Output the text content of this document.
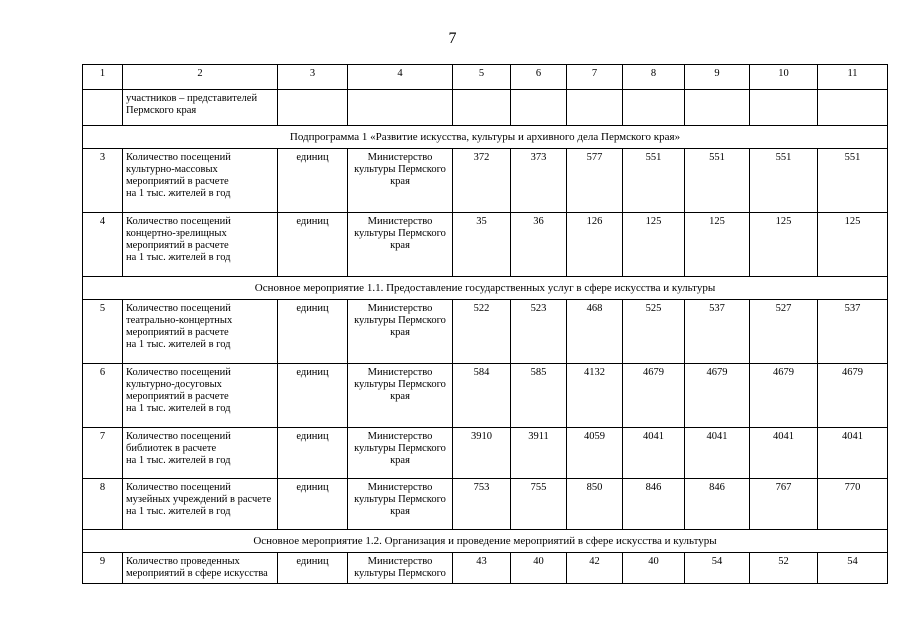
7
1	2	3	4	5	6	7	8	9	10	11
	участников – представителей
Пермского края									
Подпрограмма 1 «Развитие искусства, культуры и архивного дела Пермского края»										
3	Количество посещений
культурно-массовых
мероприятий в расчете
на 1 тыс. жителей в год	единиц	Министерство
культуры Пермского
края	372	373	577	551	551	551	551
4	Количество посещений
концертно-зрелищных
мероприятий в расчете
на 1 тыс. жителей в год	единиц	Министерство
культуры Пермского
края	35	36	126	125	125	125	125
Основное мероприятие 1.1. Предоставление государственных услуг в сфере искусства и культуры										
5	Количество посещений
театрально-концертных
мероприятий в расчете
на 1 тыс. жителей в год	единиц	Министерство
культуры Пермского
края	522	523	468	525	537	527	537
6	Количество посещений
культурно-досуговых
мероприятий в расчете
на 1 тыс. жителей в год	единиц	Министерство
культуры Пермского
края	584	585	4132	4679	4679	4679	4679
7	Количество посещений
библиотек в расчете
на 1 тыс. жителей в год	единиц	Министерство
культуры Пермского
края	3910	3911	4059	4041	4041	4041	4041
8	Количество посещений
музейных учреждений в расчете
на 1 тыс. жителей в год	единиц	Министерство
культуры Пермского
края	753	755	850	846	846	767	770
Основное мероприятие 1.2. Организация и проведение мероприятий в сфере искусства и культуры										
9	Количество проведенных
мероприятий в сфере искусства	единиц	Министерство
культуры Пермского	43	40	42	40	54	52	54
